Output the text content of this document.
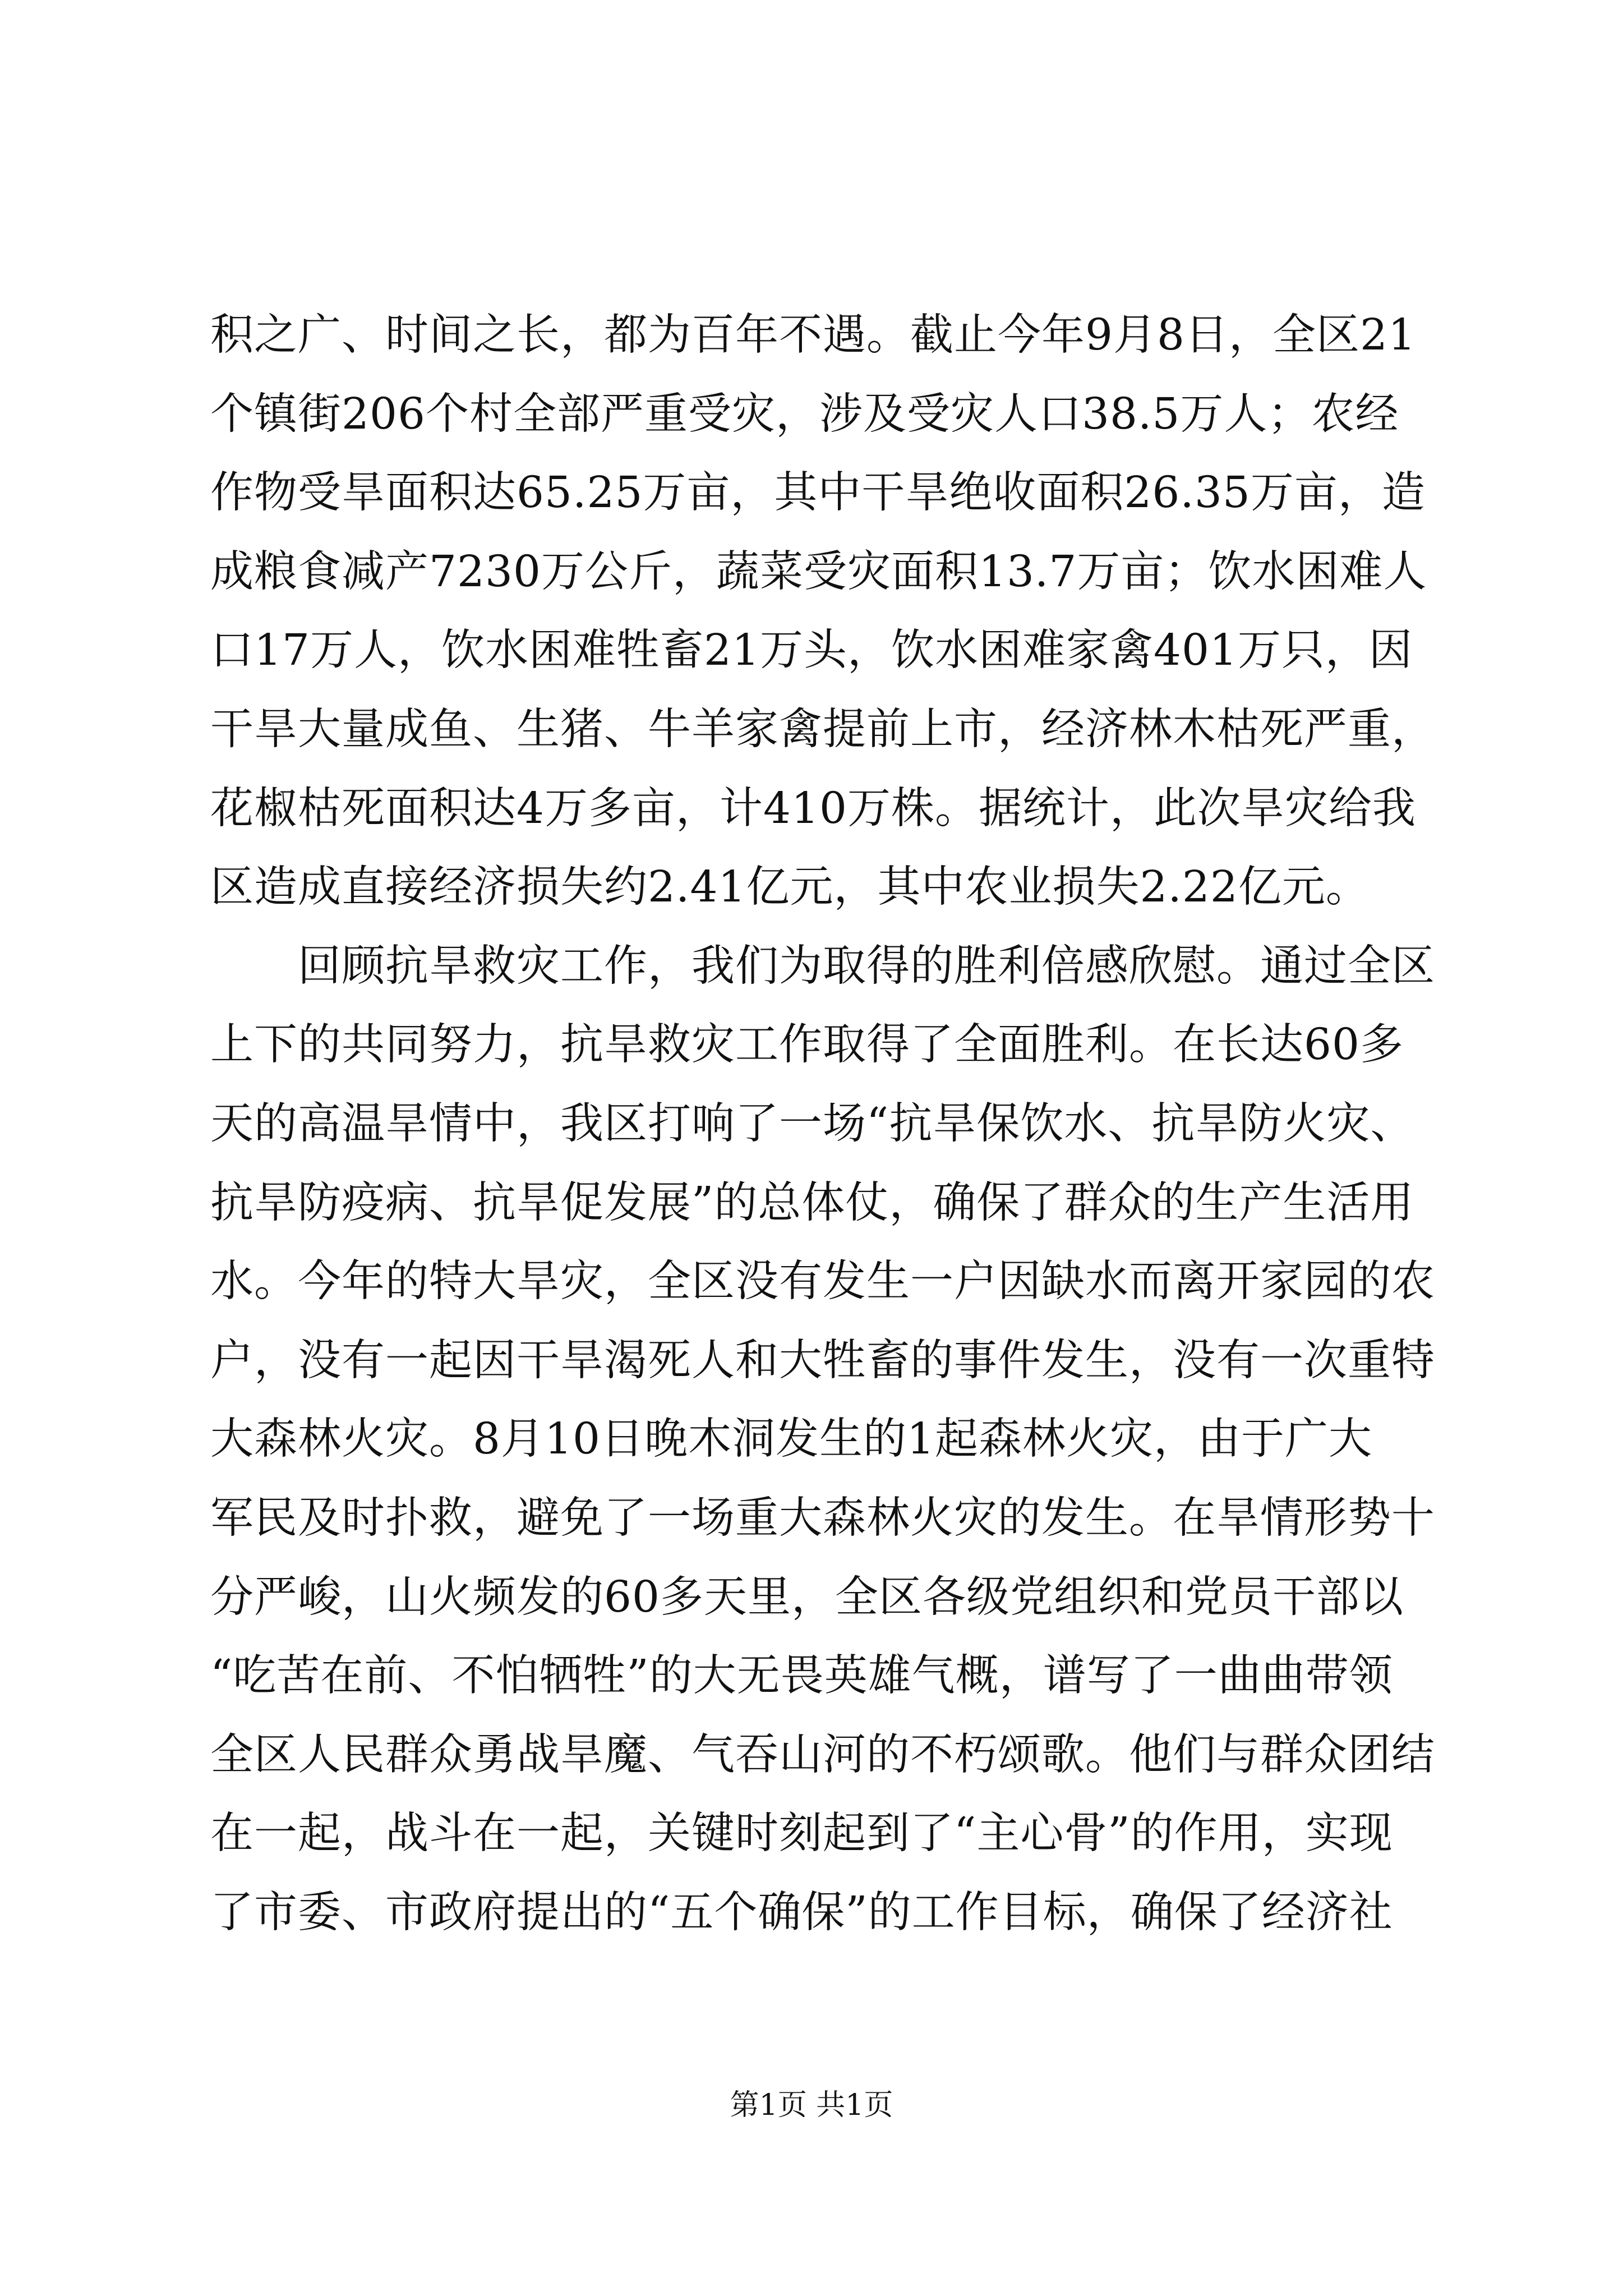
积之广、时间之长，都为百年不遇。截止今年9月8日，全区21
个镇街206个村全部严重受灾，涉及受灾人口38.5万人；农经
作物受旱面积达65.25万亩，其中干旱绝收面积26.35万亩，造
成粮食减产7230万公斤，蔬菜受灾面积13.7万亩；饮水困难人
口17万人，饮水困难牲畜21万头，饮水困难家禽401万只，因
干旱大量成鱼、生猪、牛羊家禽提前上市，经济林木枯死严重，
花椒枯死面积达4万多亩，计410万株。据统计，此次旱灾给我
区造成直接经济损失约2.41亿元，其中农业损失2.22亿元。
　　回顾抗旱救灾工作，我们为取得的胜利倍感欣慰。通过全区
上下的共同努力，抗旱救灾工作取得了全面胜利。在长达60多
天的高温旱情中，我区打响了一场“抗旱保饮水、抗旱防火灾、
抗旱防疫病、抗旱促发展”的总体仗，确保了群众的生产生活用
水。今年的特大旱灾，全区没有发生一户因缺水而离开家园的农
户，没有一起因干旱渴死人和大牲畜的事件发生，没有一次重特
大森林火灾。8月10日晚木洞发生的1起森林火灾，由于广大
军民及时扑救，避免了一场重大森林火灾的发生。在旱情形势十
分严峻，山火频发的60多天里，全区各级党组织和党员干部以
“吃苦在前、不怕牺牲”的大无畏英雄气概，谱写了一曲曲带领
全区人民群众勇战旱魔、气吞山河的不朽颂歌。他们与群众团结
在一起，战斗在一起，关键时刻起到了“主心骨”的作用，实现
了市委、市政府提出的“五个确保”的工作目标，确保了经济社
第1页 共1页
